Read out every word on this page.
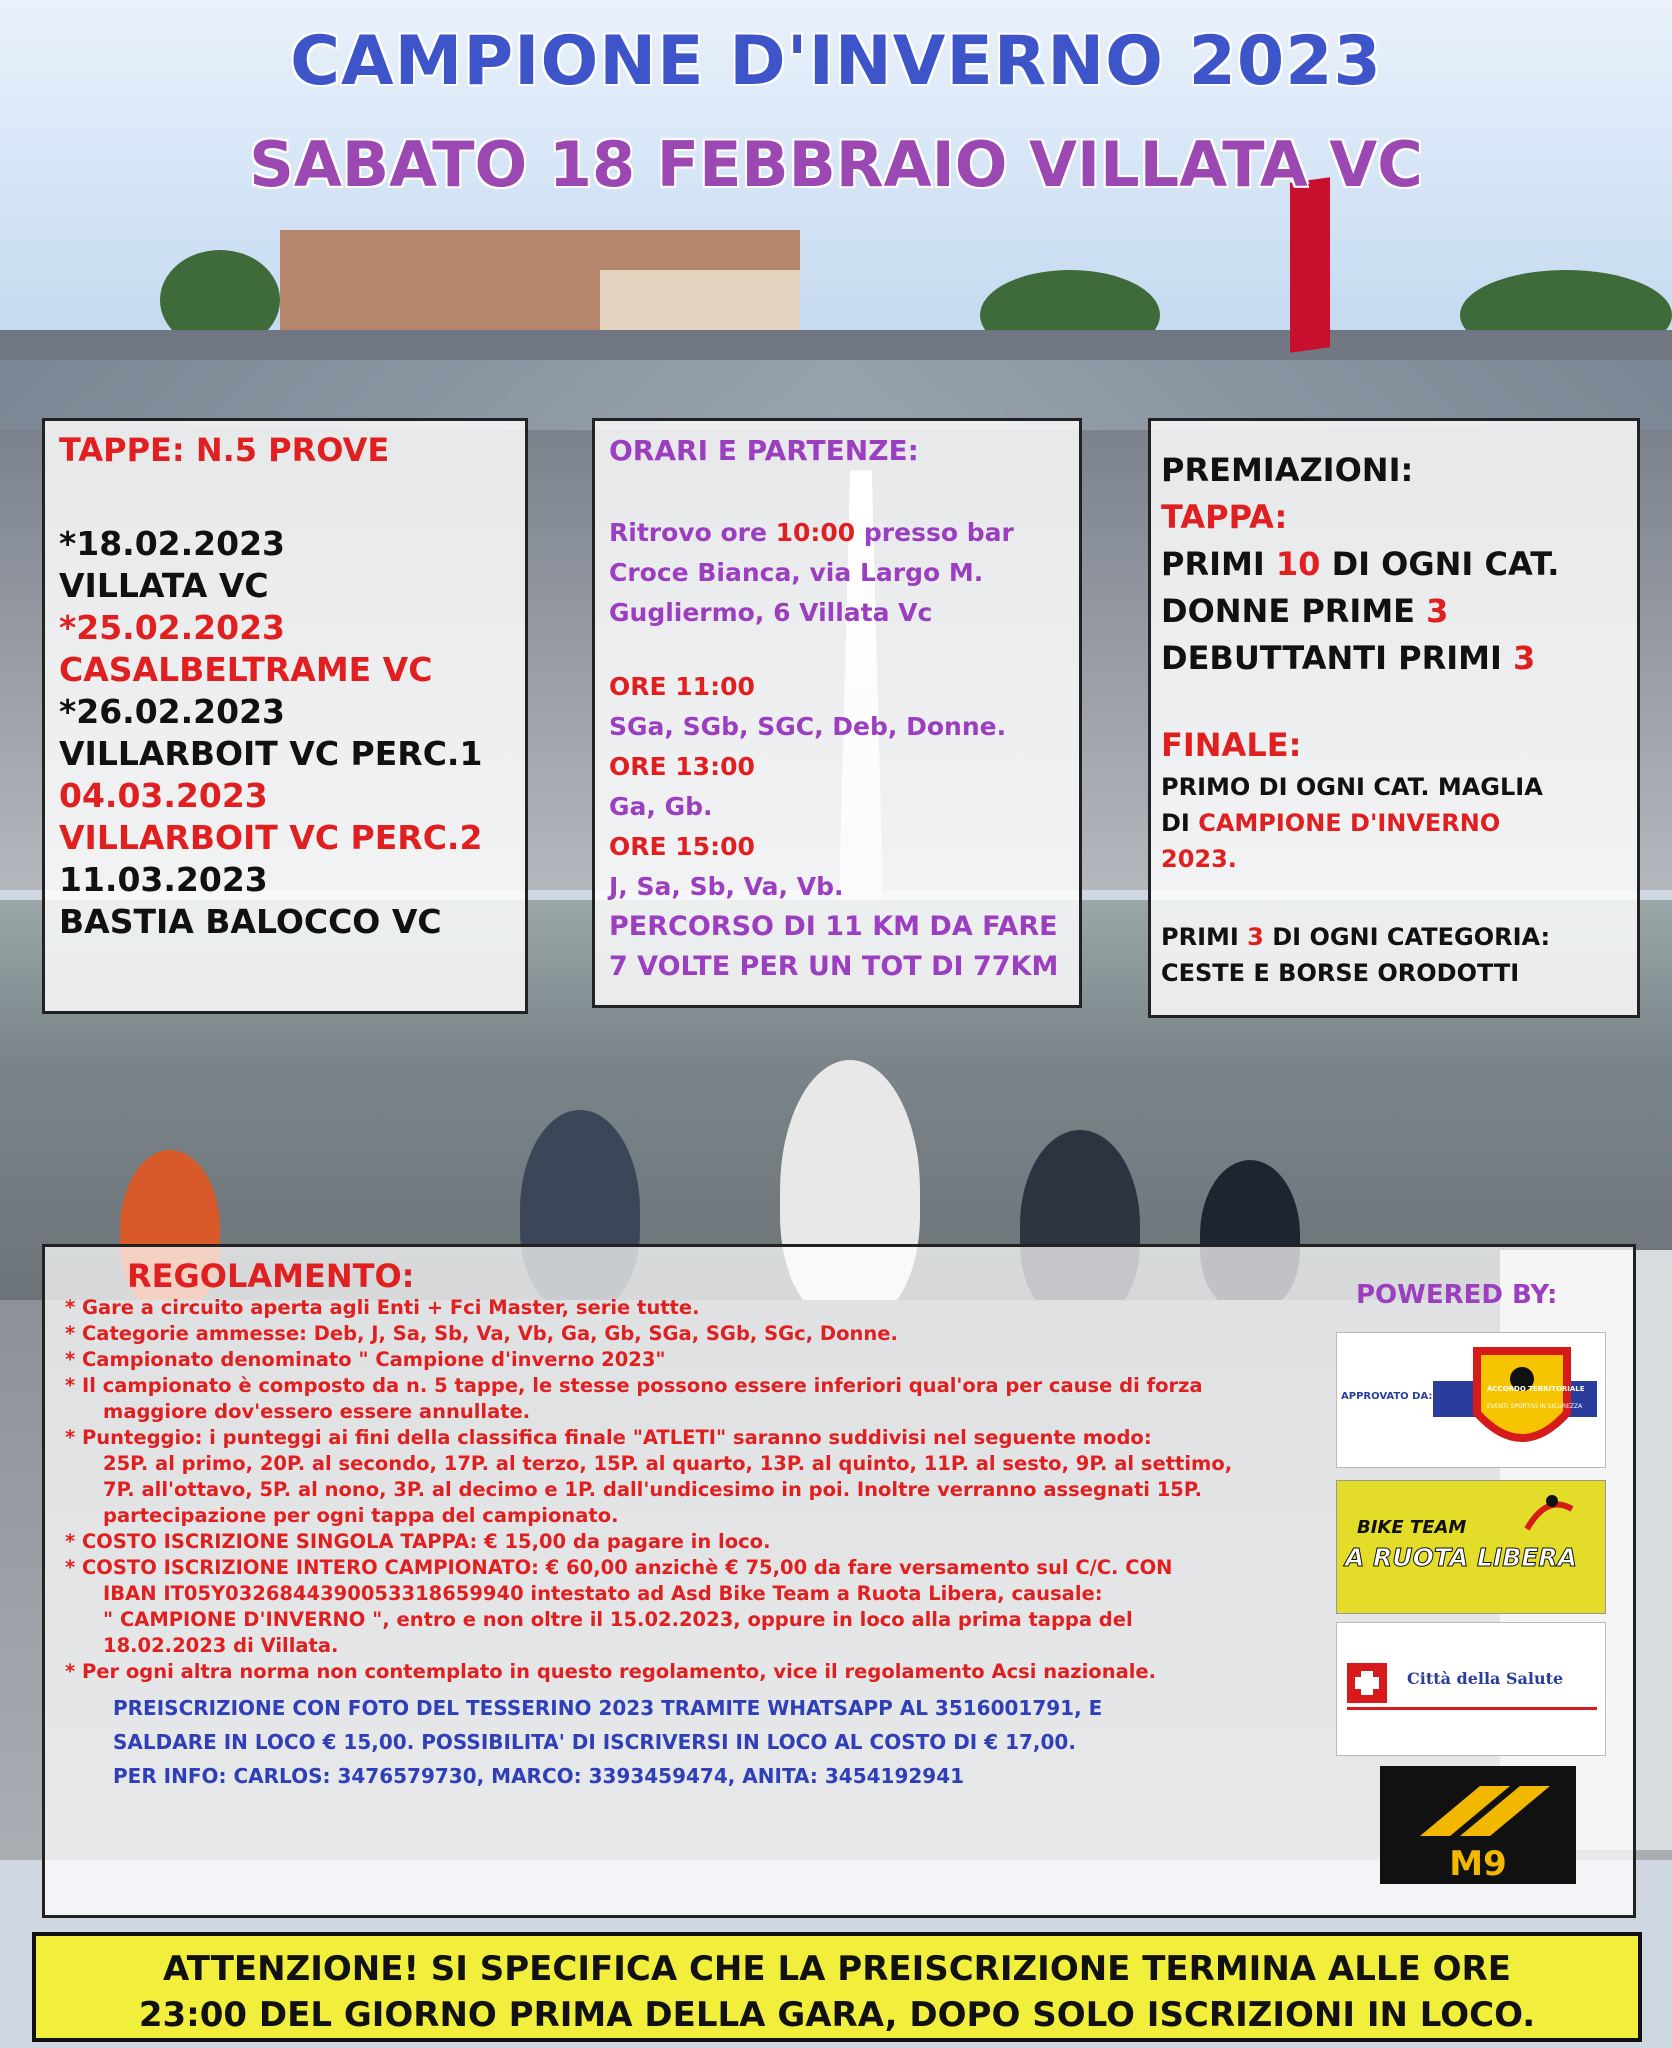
CAMPIONE D'INVERNO 2023
SABATO 18 FEBBRAIO VILLATA VC
TAPPE: N.5 PROVE
*18.02.2023
VILLATA VC
*25.02.2023
CASALBELTRAME VC
*26.02.2023
VILLARBOIT VC PERC.1
04.03.2023
VILLARBOIT VC PERC.2
11.03.2023
BASTIA BALOCCO VC
ORARI E PARTENZE:
Ritrovo ore 10:00 presso bar
Croce Bianca, via Largo M.
Gugliermo, 6 Villata Vc
ORE 11:00
SGa, SGb, SGC, Deb, Donne.
ORE 13:00
Ga, Gb.
ORE 15:00
J, Sa, Sb, Va, Vb.
PERCORSO DI 11 KM DA FARE
7 VOLTE PER UN TOT DI 77KM
PREMIAZIONI:
TAPPA:
PRIMI 10 DI OGNI CAT.
DONNE PRIME 3
DEBUTTANTI PRIMI 3
FINALE:
PRIMO DI OGNI CAT. MAGLIA
DI CAMPIONE D'INVERNO
2023.
PRIMI 3 DI OGNI CATEGORIA:
CESTE E BORSE ORODOTTI
REGOLAMENTO:
* Gare a circuito aperta agli Enti + Fci Master, serie tutte.
* Categorie ammesse: Deb, J, Sa, Sb, Va, Vb, Ga, Gb, SGa, SGb, SGc, Donne.
* Campionato denominato " Campione d'inverno 2023"
* Il campionato è composto da n. 5 tappe, le stesse possono essere inferiori qual'ora per cause di forza
maggiore dov'essero essere annullate.
* Punteggio: i punteggi ai fini della classifica finale "ATLETI" saranno suddivisi nel seguente modo:
25P. al primo, 20P. al secondo, 17P. al terzo, 15P. al quarto, 13P. al quinto, 11P. al sesto, 9P. al settimo,
7P. all'ottavo, 5P. al nono, 3P. al decimo e 1P. dall'undicesimo in poi. Inoltre verranno assegnati 15P.
partecipazione per ogni tappa del campionato.
* COSTO ISCRIZIONE SINGOLA TAPPA: € 15,00 da pagare in loco.
* COSTO ISCRIZIONE INTERO CAMPIONATO: € 60,00 anzichè € 75,00 da fare versamento sul C/C. CON
IBAN IT05Y0326844390053318659940 intestato ad Asd Bike Team a Ruota Libera, causale:
" CAMPIONE D'INVERNO ", entro e non oltre il 15.02.2023, oppure in loco alla prima tappa del
18.02.2023 di Villata.
* Per ogni altra norma non contemplato in questo regolamento, vice il regolamento Acsi nazionale.
PREISCRIZIONE CON FOTO DEL TESSERINO 2023 TRAMITE WHATSAPP AL 3516001791, E
SALDARE IN LOCO € 15,00. POSSIBILITA' DI ISCRIVERSI IN LOCO AL COSTO DI € 17,00.
PER INFO: CARLOS: 3476579730, MARCO: 3393459474, ANITA: 3454192941
POWERED BY:
APPROVATO DA:
ACCORDO TERRITORIALE
EVENTI SPORTIVI IN SICUREZZA
BIKE TEAM
A RUOTA LIBERA
Città della Salute
M9
ATTENZIONE! SI SPECIFICA CHE LA PREISCRIZIONE TERMINA ALLE ORE
23:00 DEL GIORNO PRIMA DELLA GARA, DOPO SOLO ISCRIZIONI IN LOCO.
